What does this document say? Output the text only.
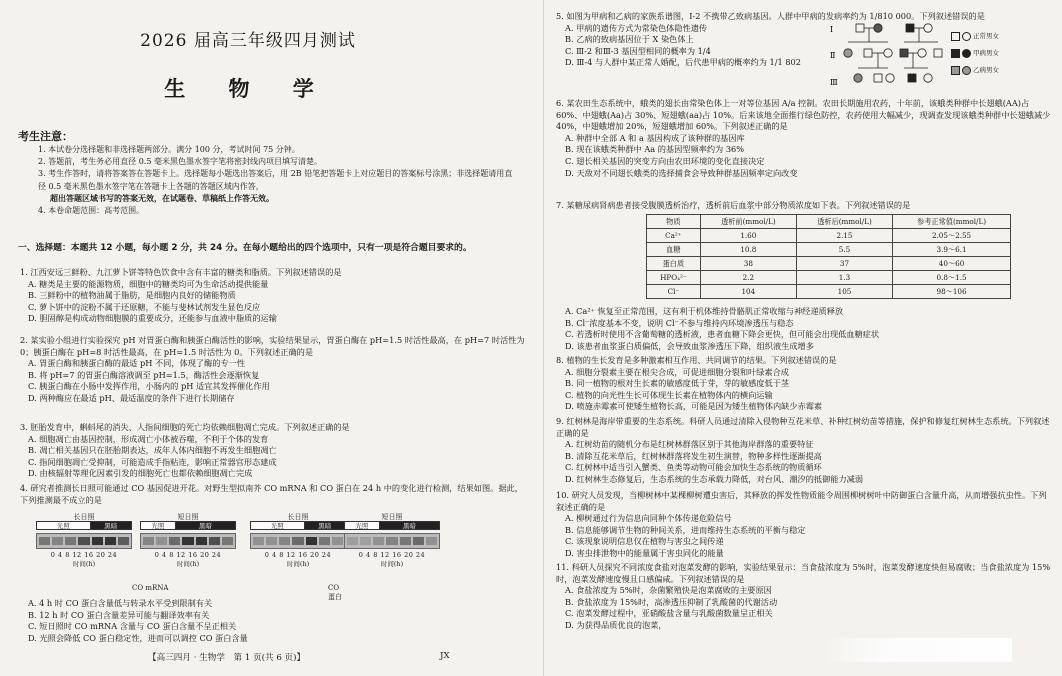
2026 届高三年级四月测试
生 物 学
考生注意：
1. 本试卷分选择题和非选择题两部分。满分 100 分，考试时间 75 分钟。
2. 答题前，考生务必用直径 0.5 毫米黑色墨水签字笔将密封线内项目填写清楚。
3. 考生作答时，请将答案答在答题卡上。选择题每小题选出答案后，用 2B 铅笔把答题卡上对应题目的答案标号涂黑；非选择题请用直径 0.5 毫米黑色墨水签字笔在答题卡上各题的答题区域内作答，
超出答题区域书写的答案无效，在试题卷、草稿纸上作答无效。
4. 本卷命题范围：高考范围。
一、选择题：本题共 12 小题，每小题 2 分，共 24 分。在每小题给出的四个选项中，只有一项是符合题目要求的。

1. 江西安远三鲜粉、九江萝卜饼等特色饮食中含有丰富的糖类和脂质。下列叙述错误的是

A. 糖类是主要的能源物质，细胞中的糖类均可为生命活动提供能量
B. 三鲜粉中的植物油属于脂肪，是细胞内良好的储能物质
C. 萝卜饼中的淀粉不属于还原糖，不能与斐林试剂发生显色反应
D. 胆固醇是构成动物细胞膜的重要成分，还能参与血液中脂质的运输

2. 某实验小组进行实验探究 pH 对胃蛋白酶和胰蛋白酶活性的影响，实验结果显示，胃蛋白酶在 pH=1.5 时活性最高，在 pH=7 时活性为 0；胰蛋白酶在 pH=8 时活性最高，在 pH=1.5 时活性为 0。下列叙述正确的是

A. 胃蛋白酶和胰蛋白酶的最适 pH 不同，体现了酶的专一性
B. 将 pH=7 的胃蛋白酶溶液调至 pH=1.5，酶活性会逐渐恢复
C. 胰蛋白酶在小肠中发挥作用，小肠内的 pH 适宜其发挥催化作用
D. 两种酶应在最适 pH、最适温度的条件下进行长期储存

3. 胚胎发育中，蝌蚪尾的消失、人指间细胞的死亡均依赖细胞凋亡完成。下列叙述正确的是

A. 细胞凋亡由基因控制，形成凋亡小体被吞噬，不利于个体的发育
B. 凋亡相关基因只在胚胎期表达，成年人体内细胞不再发生细胞凋亡
C. 指间细胞凋亡受抑制，可能造成手指粘连，影响正常器官形态建成
D. 由核辐射等理化因素引发的细胞死亡也都依赖细胞凋亡完成

4. 研究者推测长日照可能通过 CO 基因促进开花。对野生型拟南芥 CO mRNA 和 CO 蛋白在 24 h 中的变化进行检测，结果如图。据此，下列推测最不成立的是

长日照
光照	黑暗
0 4 8 12 16 20 24
时间(h)
短日照
光照	黑暗
0 4 8 12 16 20 24
时间(h)
长日照
光照	黑暗
0 4 8 12 16 20 24
时间(h)
CO mRNA	CO 蛋白
短日照
光照	黑暗
0 4 8 12 16 20 24
时间(h)
A. 4 h 时 CO 蛋白含量低与转录水平受到限制有关
B. 12 h 时 CO 蛋白含量差异可能与翻译效率有关
C. 短日照时 CO mRNA 含量与 CO 蛋白含量不呈正相关
D. 光照会降低 CO 蛋白稳定性，进而可以调控 CO 蛋白含量
【高三四月 · 生物学　第 1 页(共 6 页)】	JX

5. 如图为甲病和乙病的家族系谱图，Ⅰ-2 不携带乙致病基因。人群中甲病的发病率约为 1/810 000。下列叙述错误的是

A. 甲病的遗传方式为常染色体隐性遗传
B. 乙病的致病基因位于 X 染色体上
C. Ⅲ-2 和Ⅲ-3 基因型相同的概率为 1/4
D. Ⅲ-4 与人群中某正常人婚配，后代患甲病的概率约为 1/1 802
Ⅰ
Ⅱ
Ⅲ
正常男女
甲病男女
乙病男女

6. 某农田生态系统中，蛾类的翅长由常染色体上一对等位基因 A/a 控制。农田长期施用农药，十年前，该蛾类种群中长翅蛾(AA)占 60%、中翅蛾(Aa)占 30%、短翅蛾(aa)占 10%。后来该地全面推行绿色防控，农药使用大幅减少，现调查发现该蛾类种群中长翅蛾减少 40%，中翅蛾增加 20%，短翅蛾增加 60%。下列叙述正确的是

A. 种群中全部 A 和 a 基因构成了该种群的基因库
B. 现在该蛾类种群中 Aa 的基因型频率约为 36%
C. 翅长相关基因的突变方向由农田环境的变化直接决定
D. 天敌对不同翅长蛾类的选择捕食会导致种群基因频率定向改变

7. 某糖尿病肾病患者接受腹膜透析治疗，透析前后血浆中部分物质浓度如下表。下列叙述错误的是

物质	透析前(mmol/L)	透析后(mmol/L)	参考正常值(mmol/L)
Ca²⁺	1.60	2.15	2.05～2.55
血糖	10.8	5.5	3.9～6.1
蛋白质	38	37	40～60
HPO₄²⁻	2.2	1.3	0.8～1.5
Cl⁻	104	105	98～106
A. Ca²⁺ 恢复至正常范围，这有利于机体维持骨骼肌正常收缩与神经递质释放
B. Cl⁻浓度基本不变，说明 Cl⁻不参与维持内环境渗透压与稳态
C. 若透析时使用不含葡萄糖的透析液，患者血糖下降会更快，但可能会出现低血糖症状
D. 该患者血浆蛋白质偏低，会导致血浆渗透压下降，组织液生成增多

8. 植物的生长发育是多种激素相互作用、共同调节的结果。下列叙述错误的是

A. 细胞分裂素主要在根尖合成，可促进细胞分裂和叶绿素合成
B. 同一植物的根对生长素的敏感度低于芽，芽的敏感度低于茎
C. 植物的向光性生长可体现生长素在植物体内的横向运输
D. 喷施赤霉素可使矮生植物长高，可能是因为矮生植物体内缺少赤霉素

9. 红树林是海岸带重要的生态系统。科研人员通过清除入侵物种互花米草、补种红树幼苗等措施，保护和修复红树林生态系统。下列叙述正确的是

A. 红树幼苗的随机分布是红树林群落区别于其他海岸群落的重要特征
B. 清除互花米草后，红树林群落将发生初生演替，物种多样性逐渐提高
C. 红树林中适当引入蟹类、鱼类等动物可能会加快生态系统的物质循环
D. 红树林生态修复后，生态系统的生态承载力降低，对台风、潮汐的抵御能力减弱

10. 研究人员发现，当柳树林中某棵柳树遭虫害后，其释放的挥发性物质能令周围柳树树叶中防御蛋白含量升高，从而增强抗虫性。下列叙述正确的是

A. 柳树通过行为信息向同种个体传递危险信号
B. 信息能够调节生物的种间关系，进而维持生态系统的平衡与稳定
C. 该现象说明信息仅在植物与害虫之间传递
D. 害虫排泄物中的能量属于害虫同化的能量

11. 科研人员探究不同浓度食盐对泡菜发酵的影响，实验结果显示：当食盐浓度为 5%时，泡菜发酵速度快但易腐败；当食盐浓度为 15%时，泡菜发酵速度慢且口感偏咸。下列叙述错误的是

A. 食盐浓度为 5%时，杂菌繁殖快是泡菜腐败的主要原因
B. 食盐浓度为 15%时，高渗透压抑制了乳酸菌的代谢活动
C. 泡菜发酵过程中，亚硝酸盐含量与乳酸菌数量呈正相关
D. 为获得品质优良的泡菜，
